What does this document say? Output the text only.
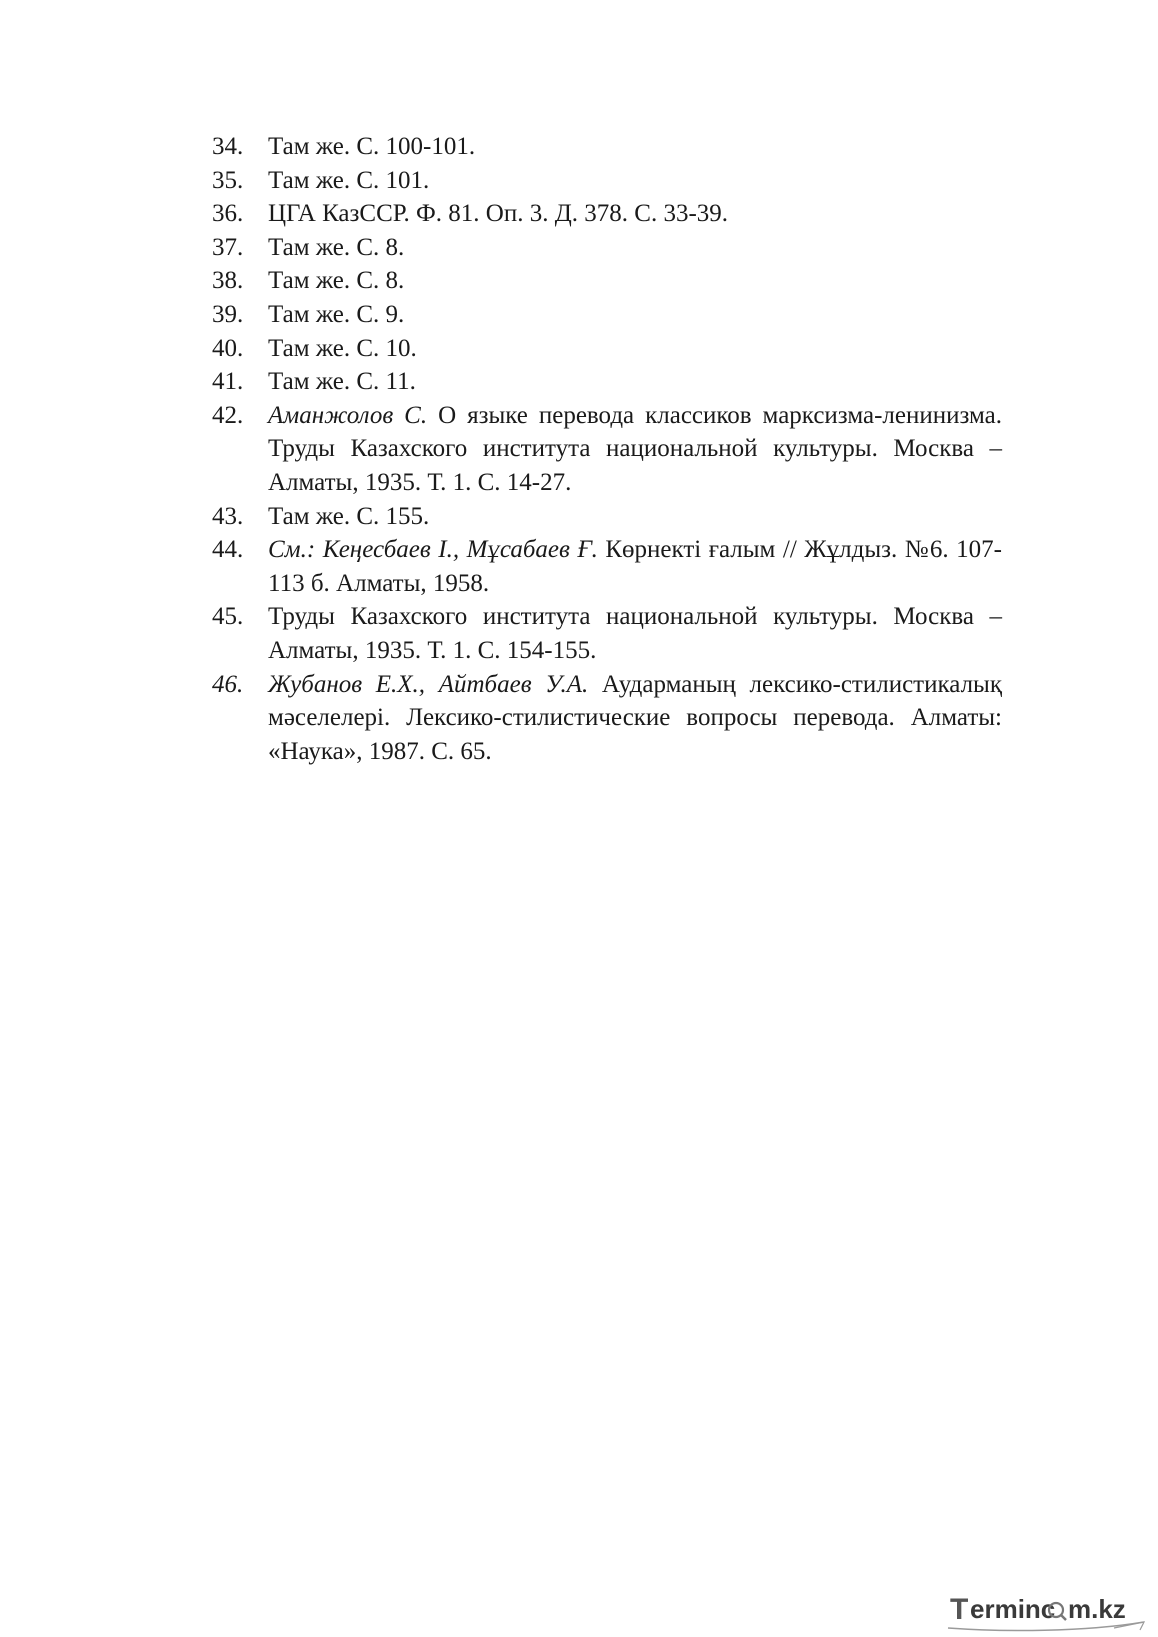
34. Там же. С. 100-101.
35. Там же. С. 101.
36. ЦГА КазССР. Ф. 81. Оп. 3. Д. 378. С. 33-39.
37. Там же. С. 8.
38. Там же. С. 8.
39. Там же. С. 9.
40. Там же. С. 10.
41. Там же. С. 11.
42. Аманжолов С. О языке перевода классиков марксизма-ленинизма. Труды Казахского института национальной культуры. Москва – Алматы, 1935. Т. 1. С. 14-27.
43. Там же. С. 155.
44. См.: Кеңесбаев І., Мұсабаев Ғ. Көрнекті ғалым // Жұлдыз. №6. 107-113 б. Алматы, 1958.
45. Труды Казахского института национальной культуры. Москва – Алматы, 1935. Т. 1. С. 154-155.
46. Жубанов Е.Х., Айтбаев У.А. Аударманың лексико-стилистикалық мәселелері. Лексико-стилистические вопросы перевода. Алматы: «Наука», 1987. С. 65.
T erminc m.kz
